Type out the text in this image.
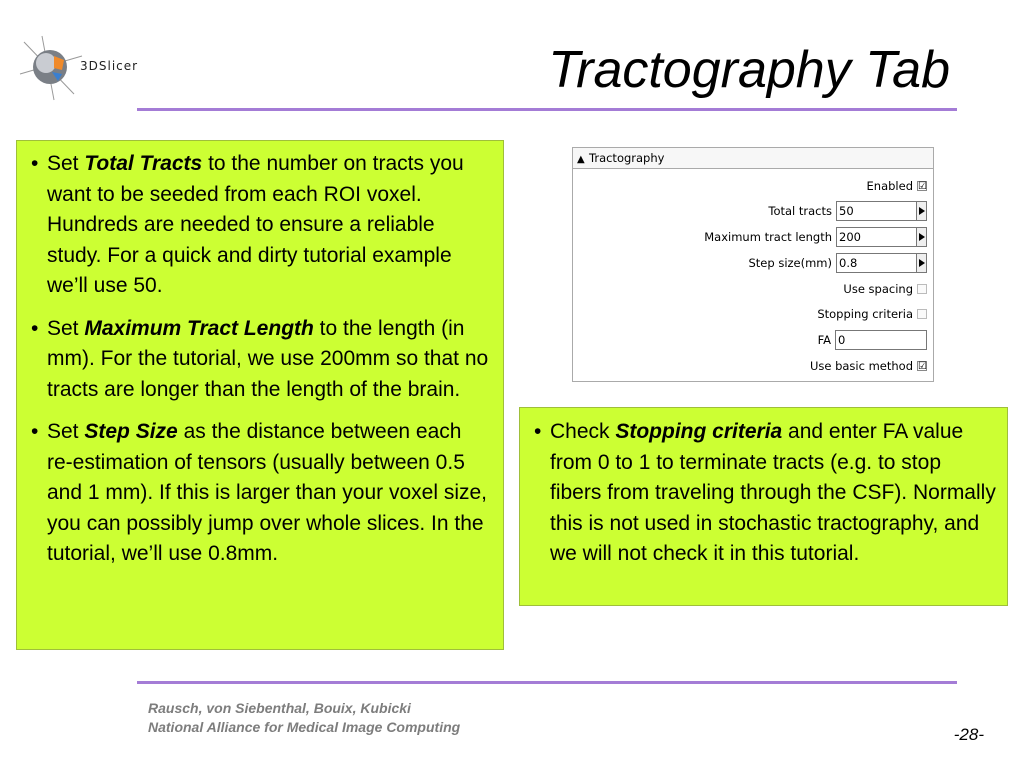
3DSlicer	Tractography Tab
• Set Total Tracts to the number on tracts you want to be seeded from each ROI voxel. Hundreds are needed to ensure a reliable study. For a quick and dirty tutorial example we’ll use 50.
• Set Maximum Tract Length to the length (in mm). For the tutorial, we use 200mm so that no tracts are longer than the length of the brain.
• Set Step Size as the distance between each re-estimation of tensors (usually between 0.5 and 1 mm). If this is larger than your voxel size, you can possibly jump over whole slices. In the tutorial, we’ll use 0.8mm.
• Check Stopping criteria and enter FA value from 0 to 1 to terminate tracts (e.g. to stop fibers from traveling through the CSF). Normally this is not used in stochastic tractography, and we will not check it in this tutorial.
▲ Tractography
Enabled ☑
Total tracts 50
Maximum tract length 200
Step size(mm) 0.8
Use spacing
Stopping criteria
FA 0
Use basic method ☑
Rausch, von Siebenthal, Bouix, Kubicki
National Alliance for Medical Image Computing	-28-
